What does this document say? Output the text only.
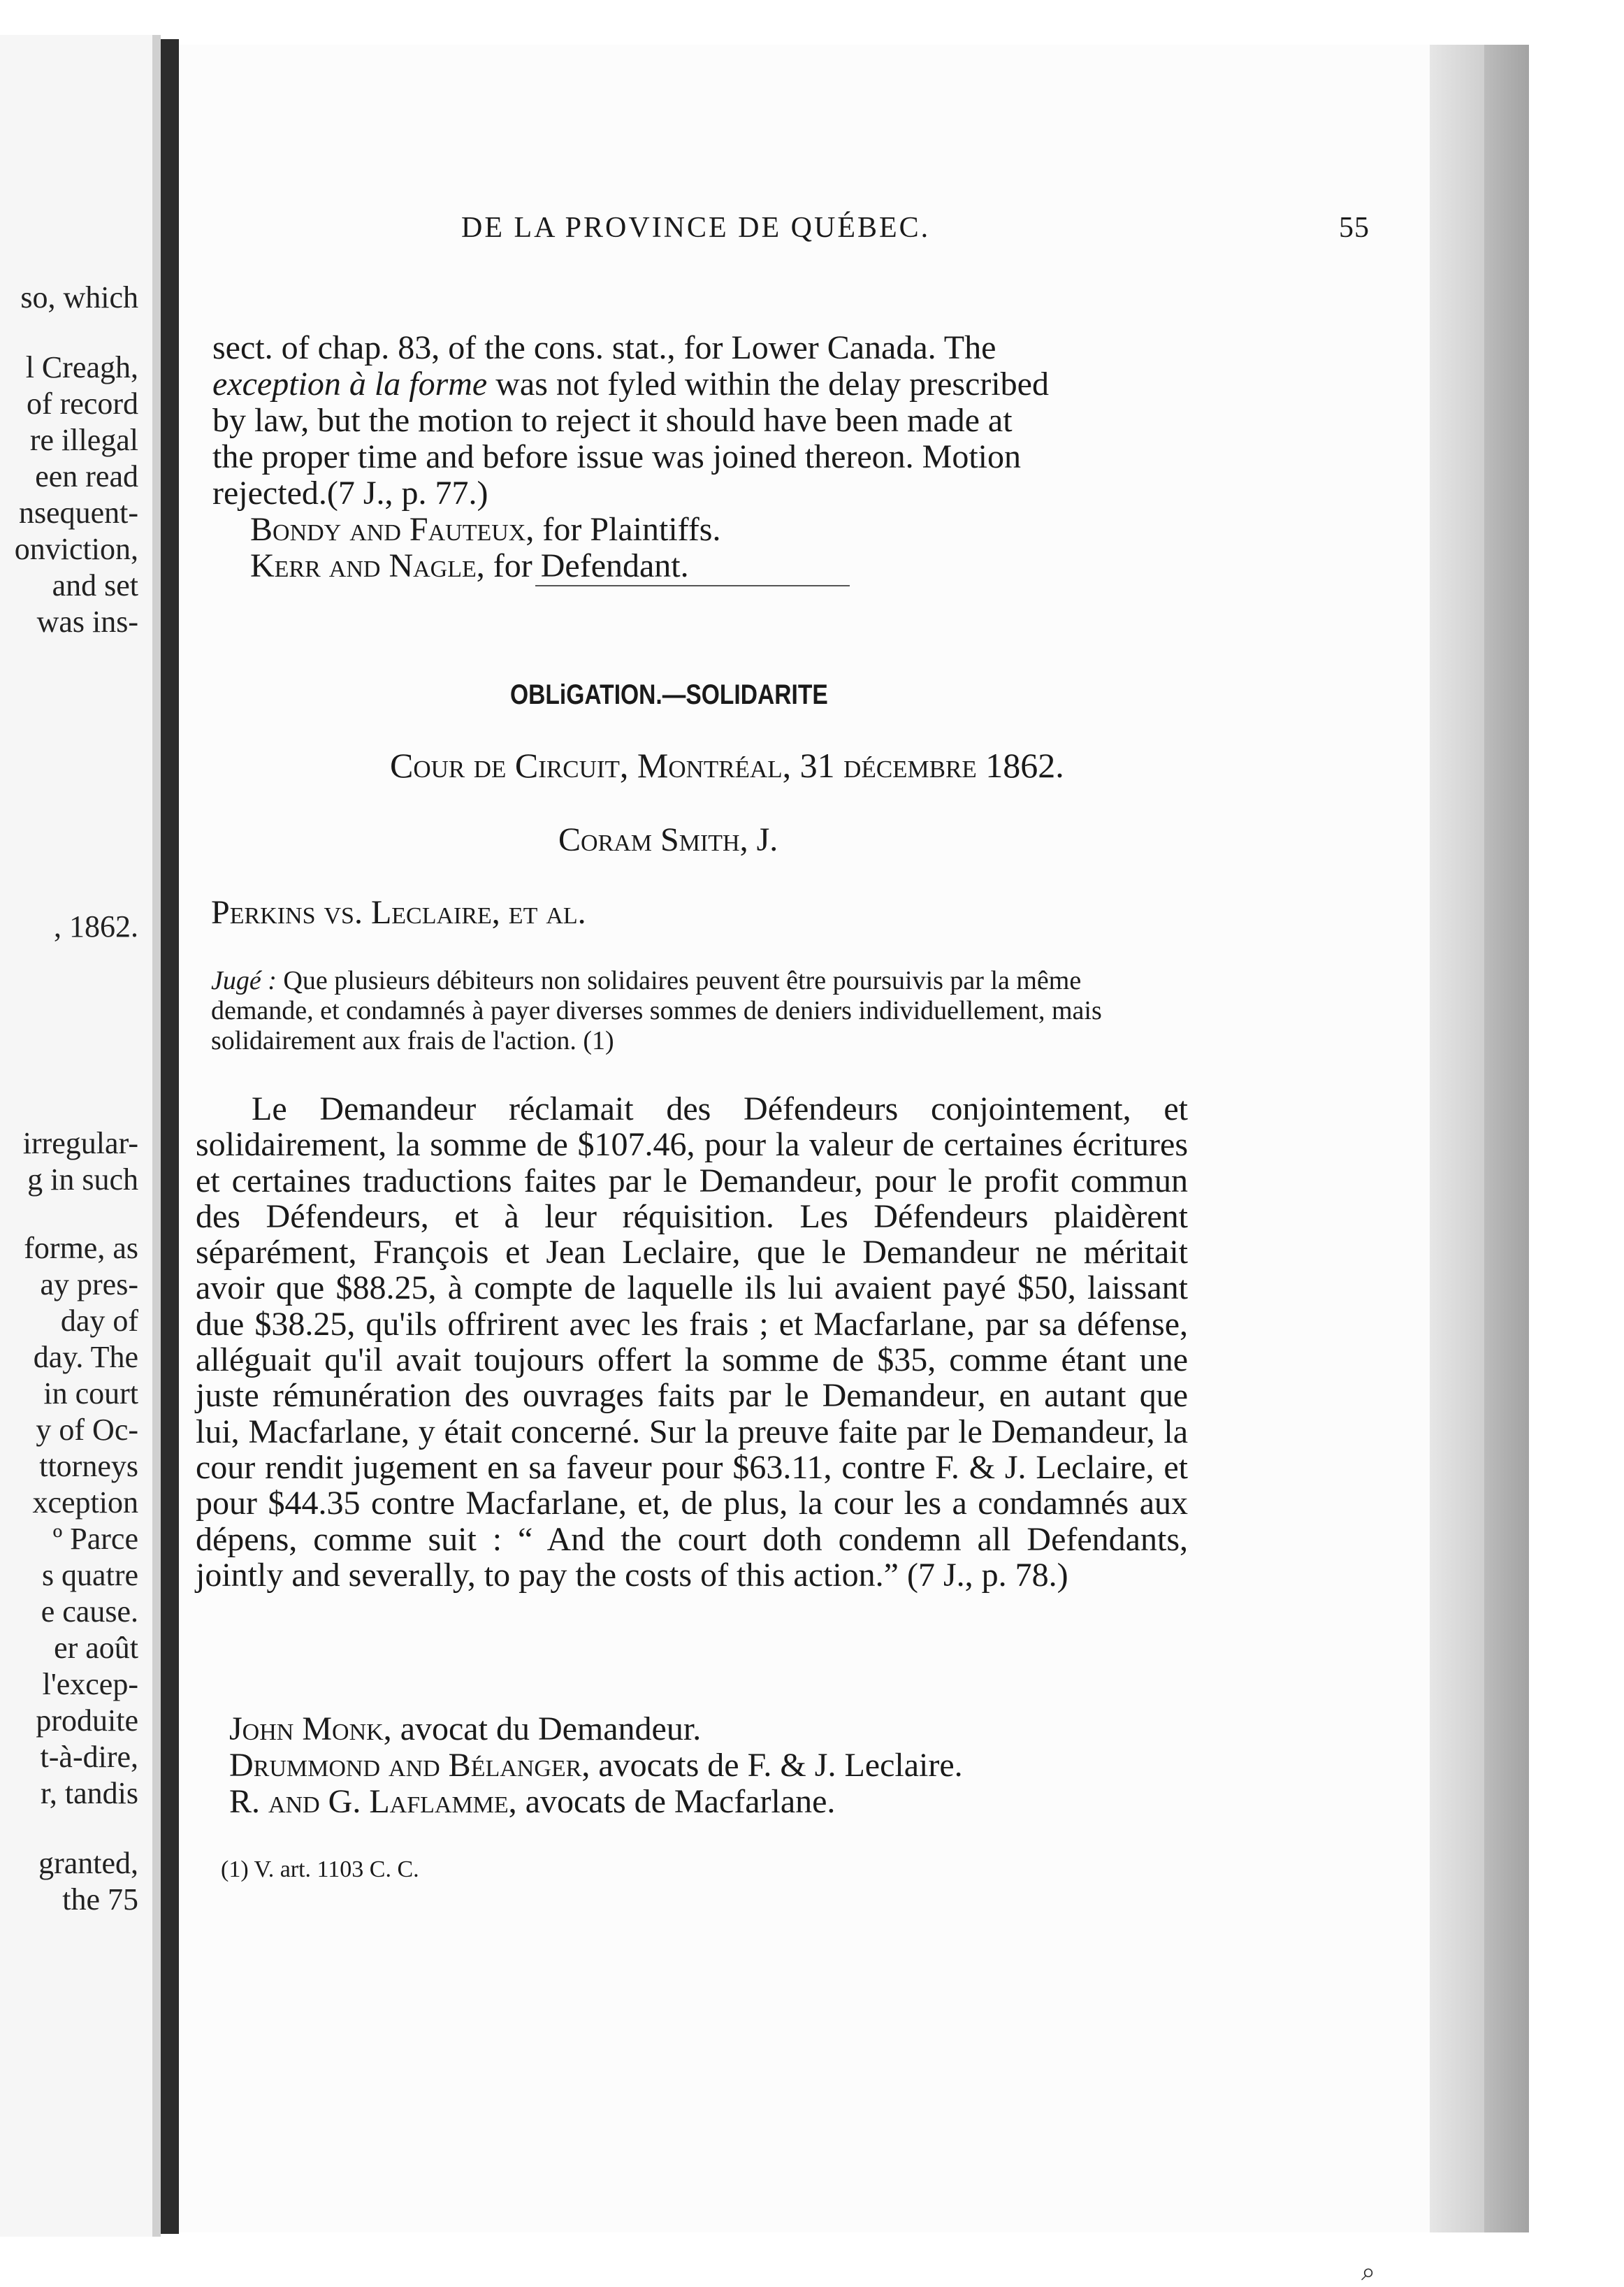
so, which
l Creagh,
of record
re illegal
een read
nsequent-
onviction,
and set
was ins-
, 1862.
irregular-
g in such
forme, as
ay pres-
day of
day. The
in court
y of Oc-
ttorneys
xception
º Parce
s quatre
e cause.
er août
l'excep-
produite
t-à-dire,
r, tandis
granted,
the 75
DE LA PROVINCE DE QUÉBEC.	55
sect. of chap. 83, of the cons. stat., for Lower Canada. The
exception à la forme was not fyled within the delay prescribed
by law, but the motion to reject it should have been made at
the proper time and before issue was joined thereon. Motion
rejected.(7 J., p. 77.)
Bondy and Fauteux, for Plaintiffs.
Kerr and Nagle, for Defendant.
OBLiGATION.—SOLIDARITE
Cour de Circuit, Montréal, 31 décembre 1862.
Coram Smith, J.
Perkins vs. Leclaire, et al.
Jugé : Que plusieurs débiteurs non solidaires peuvent être poursuivis par la même demande, et condamnés à payer diverses sommes de deniers individuellement, mais solidairement aux frais de l'action. (1)
Le Demandeur réclamait des Défendeurs conjointement, et solidairement, la somme de $107.46, pour la valeur de certaines écritures et certaines traductions faites par le Demandeur, pour le profit commun des Défendeurs, et à leur réquisition. Les Défendeurs plaidèrent séparément, François et Jean Leclaire, que le Demandeur ne méritait avoir que $88.25, à compte de laquelle ils lui avaient payé $50, laissant due $38.25, qu'ils offrirent avec les frais ; et Macfarlane, par sa défense, alléguait qu'il avait toujours offert la somme de $35, comme étant une juste rémunération des ouvrages faits par le Demandeur, en autant que lui, Macfarlane, y était concerné. Sur la preuve faite par le Demandeur, la cour rendit jugement en sa faveur pour $63.11, contre F. & J. Leclaire, et pour $44.35 contre Macfarlane, et, de plus, la cour les a condamnés aux dépens, comme suit : “ And the court doth condemn all Defendants, jointly and severally, to pay the costs of this action.” (7 J., p. 78.)
John Monk, avocat du Demandeur.
Drummond and Bélanger, avocats de F. & J. Leclaire.
R. and G. Laflamme, avocats de Macfarlane.
(1) V. art. 1103 C. C.
⌕
